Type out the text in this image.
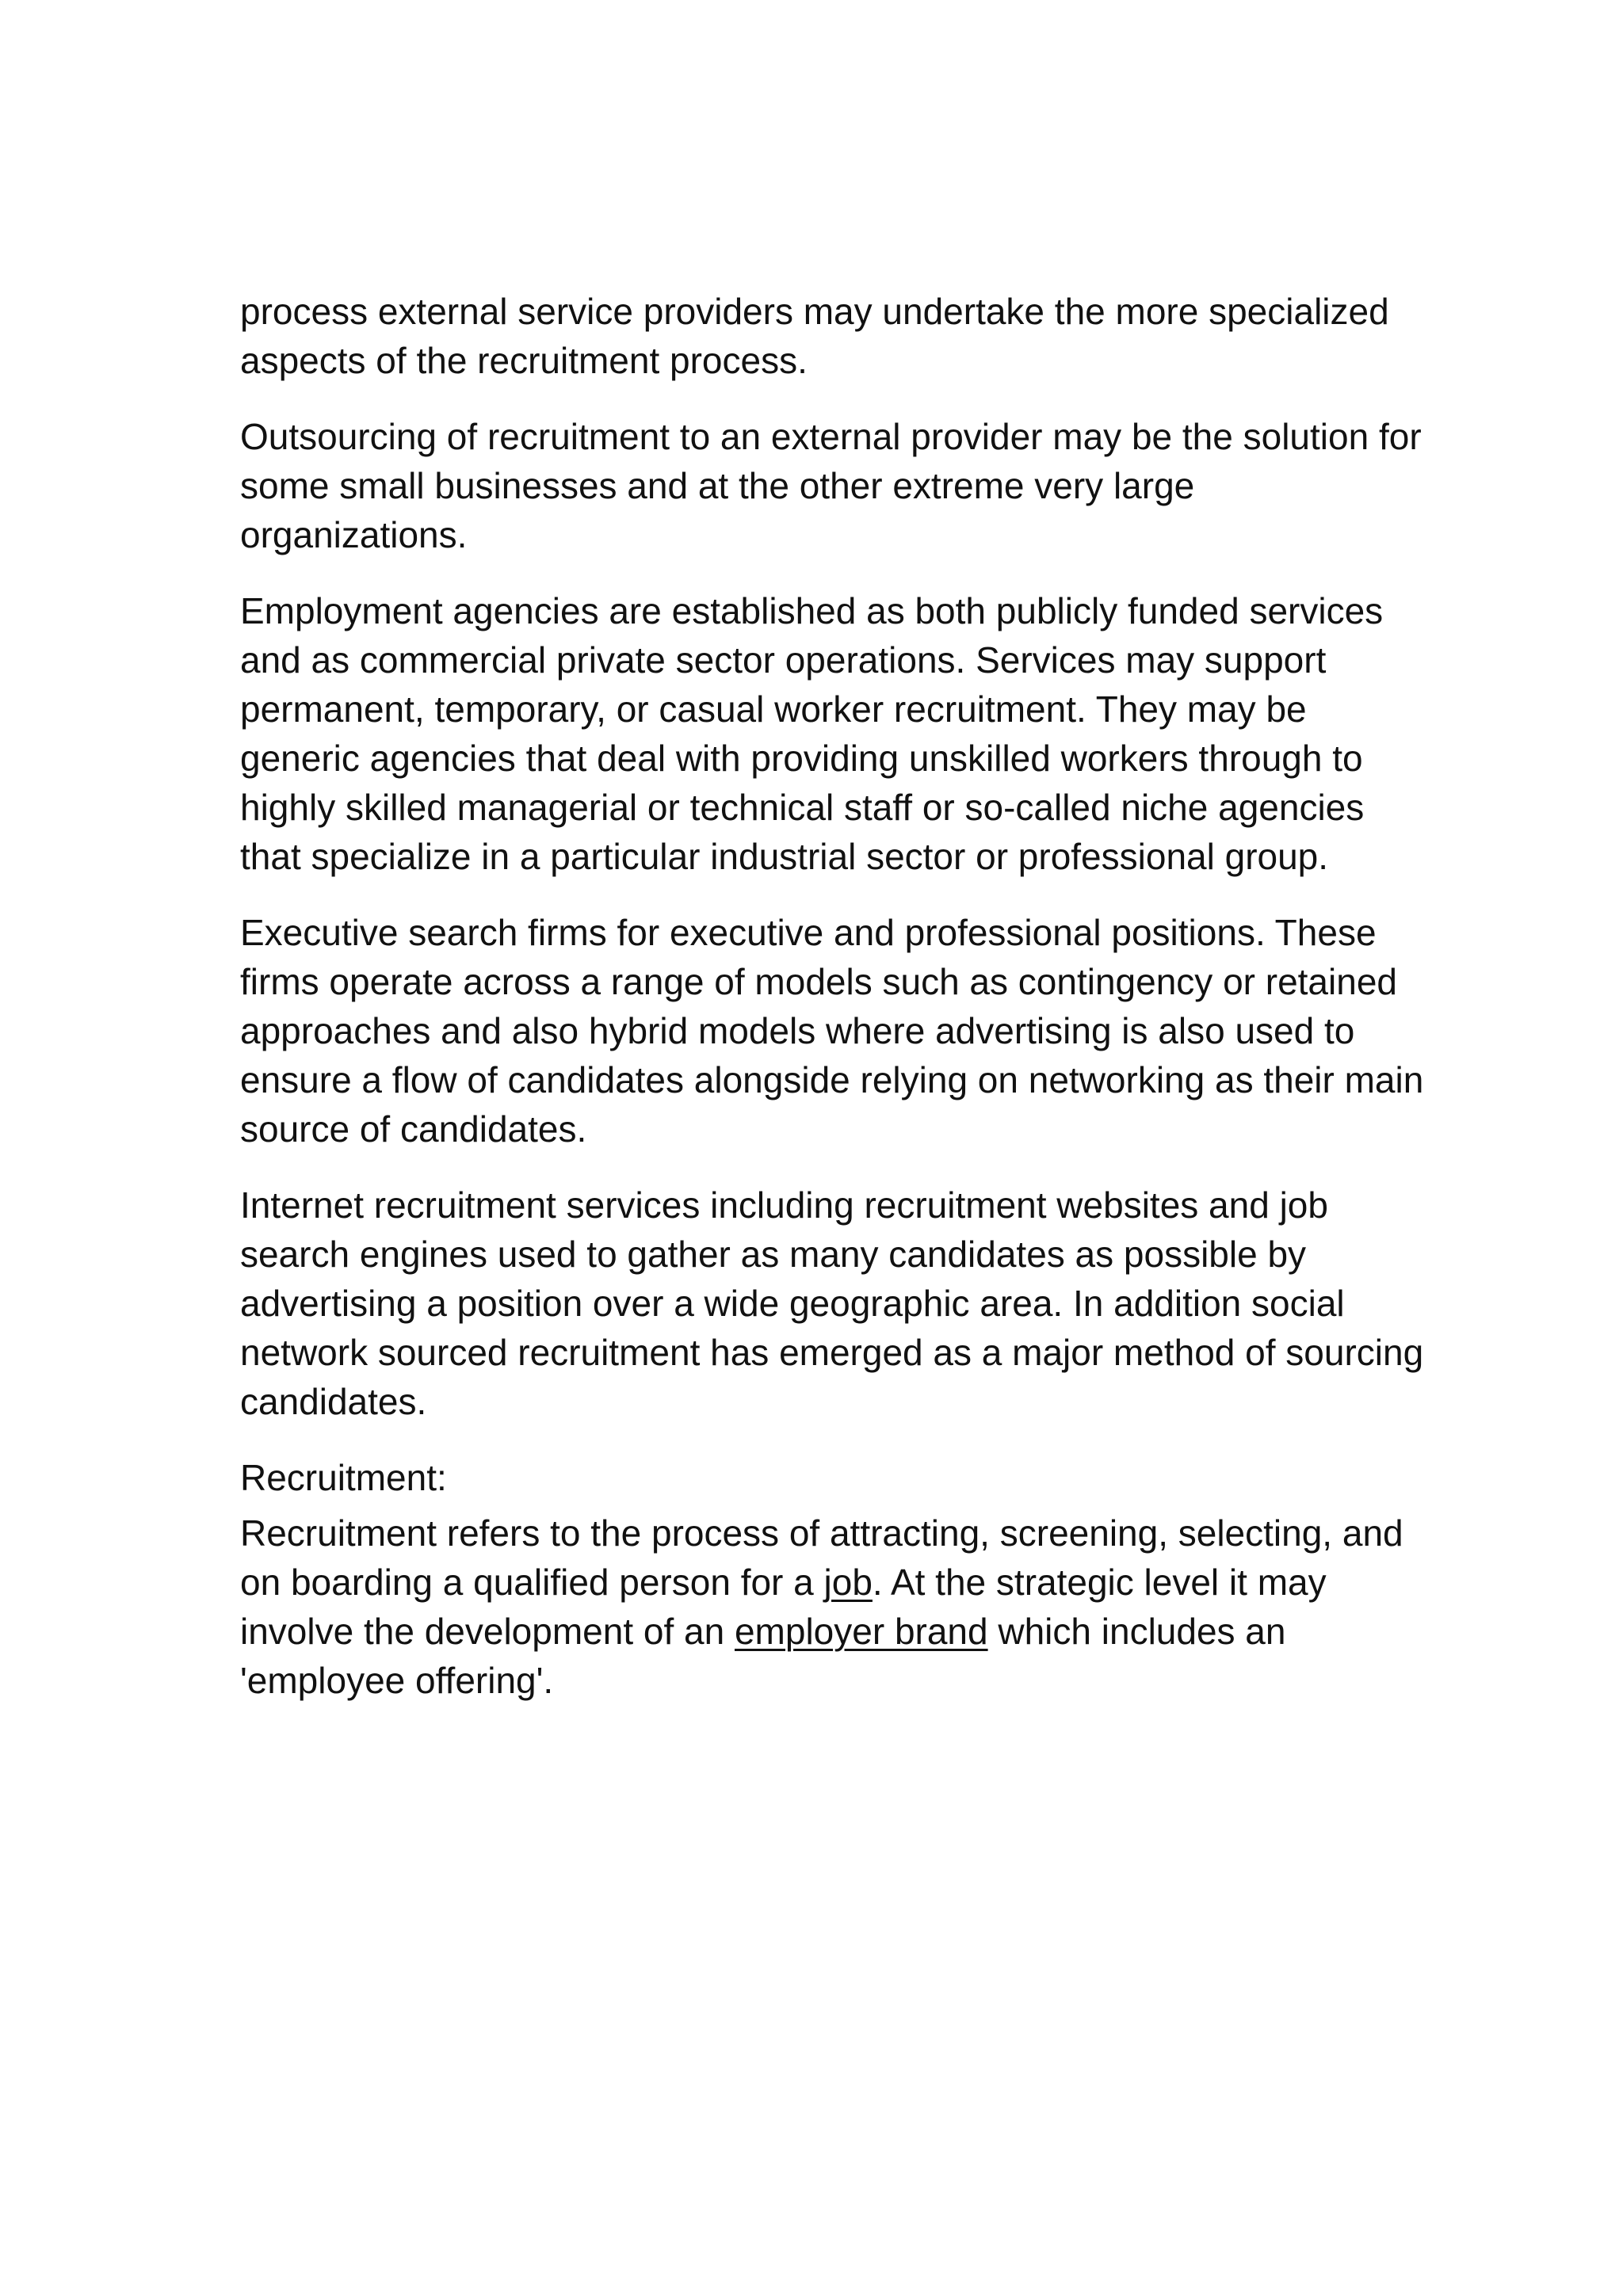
process external service providers may undertake the more specialized aspects of the recruitment process.

Outsourcing of recruitment to an external provider may be the solution for some small businesses and at the other extreme very large organizations.

Employment agencies are established as both publicly funded services and as commercial private sector operations. Services may support permanent, temporary, or casual worker recruitment. They may be generic agencies that deal with providing unskilled workers through to highly skilled managerial or technical staff or so-called niche agencies that specialize in a particular industrial sector or professional group.

Executive search firms for executive and professional positions. These firms operate across a range of models such as contingency or retained approaches and also hybrid models where advertising is also used to ensure a flow of candidates alongside relying on networking as their main source of candidates.

Internet recruitment services including recruitment websites and job search engines used to gather as many candidates as possible by advertising a position over a wide geographic area. In addition social network sourced recruitment has emerged as a major method of sourcing candidates.

Recruitment:

Recruitment refers to the process of attracting, screening, selecting, and on boarding a qualified person for a job. At the strategic level it may involve the development of an employer brand which includes an 'employee offering'.
